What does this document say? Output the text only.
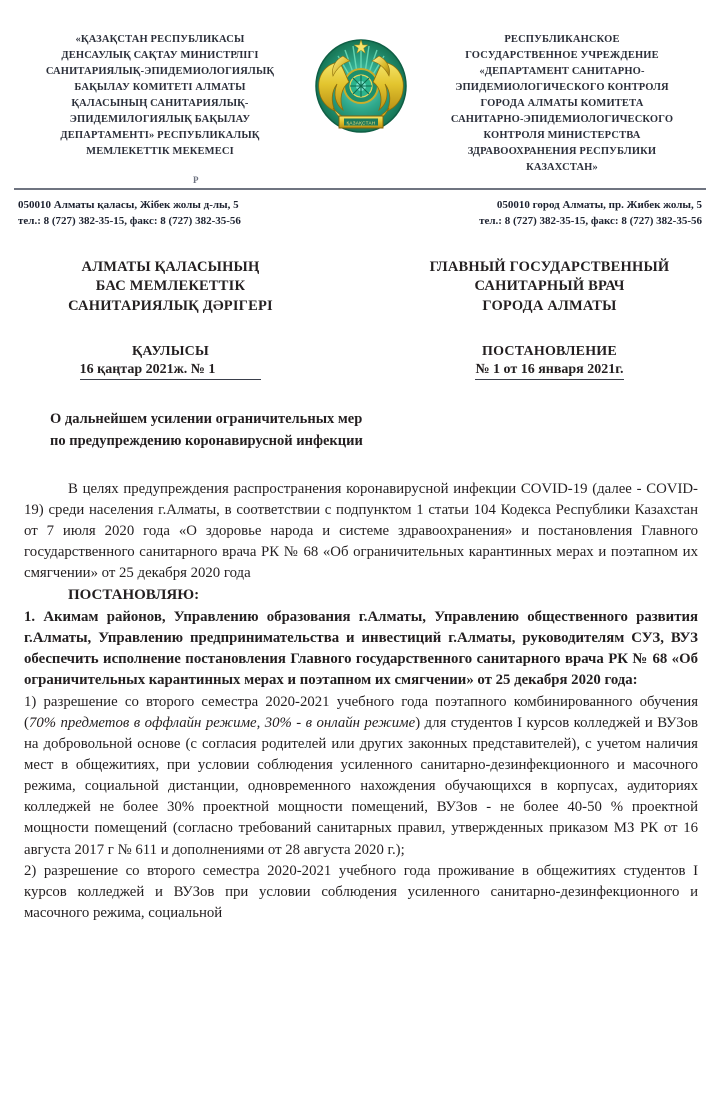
«ҚАЗАҚСТАН РЕСПУБЛИКАСЫ
ДЕНСАУЛЫҚ САҚТАУ МИНИСТРЛІГІ
САНИТАРИЯЛЫҚ-ЭПИДЕМИОЛОГИЯЛЫҚ
БАҚЫЛАУ КОМИТЕТІ АЛМАТЫ
ҚАЛАСЫНЫҢ САНИТАРИЯЛЫҚ-
ЭПИДЕМИЛОГИЯЛЫҚ БАҚЫЛАУ
ДЕПАРТАМЕНТІ» РЕСПУБЛИКАЛЫҚ
МЕМЛЕКЕТТІК МЕКЕМЕСІ
ҚАЗАҚСТАН
РЕСПУБЛИКАНСКОЕ
ГОСУДАРСТВЕННОЕ УЧРЕЖДЕНИЕ
«ДЕПАРТАМЕНТ САНИТАРНО-
ЭПИДЕМИОЛОГИЧЕСКОГО КОНТРОЛЯ
ГОРОДА АЛМАТЫ КОМИТЕТА
САНИТАРНО-ЭПИДЕМИОЛОГИЧЕСКОГО
КОНТРОЛЯ МИНИСТЕРСТВА
ЗДРАВООХРАНЕНИЯ РЕСПУБЛИКИ
КАЗАХСТАН»
Р
050010 Алматы қаласы, Жібек жолы д-лы, 5
тел.: 8 (727) 382-35-15, факс: 8 (727) 382-35-56
050010 город Алматы, пр. Жибек жолы, 5
тел.: 8 (727) 382-35-15, факс: 8 (727) 382-35-56
АЛМАТЫ ҚАЛАСЫНЫҢ
БАС МЕМЛЕКЕТТІК
САНИТАРИЯЛЫҚ ДӘРІГЕРІ
ҚАУЛЫСЫ
16 қаңтар 2021ж. № 1
ГЛАВНЫЙ ГОСУДАРСТВЕННЫЙ
САНИТАРНЫЙ ВРАЧ
ГОРОДА АЛМАТЫ
ПОСТАНОВЛЕНИЕ
№ 1 от 16 января 2021г.
О дальнейшем усилении ограничительных мер по предупреждению коронавирусной инфекции

В целях предупреждения распространения коронавирусной инфекции COVID-19 (далее - COVID-19) среди населения г.Алматы, в соответствии с подпунктом 1 статьи 104 Кодекса Республики Казахстан от 7 июля 2020 года «О здоровье народа и системе здравоохранения» и постановления Главного государственного санитарного врача РК № 68 «Об ограничительных карантинных мерах и поэтапном их смягчении» от 25 декабря 2020 года

ПОСТАНОВЛЯЮ:

1. Акимам районов, Управлению образования г.Алматы, Управлению общественного развития г.Алматы, Управлению предпринимательства и инвестиций г.Алматы, руководителям СУЗ, ВУЗ обеспечить исполнение постановления Главного государственного санитарного врача РК № 68 «Об ограничительных карантинных мерах и поэтапном их смягчении» от 25 декабря 2020 года:

1) разрешение со второго семестра 2020-2021 учебного года поэтапного комбинированного обучения (70% предметов в оффлайн режиме, 30% - в онлайн режиме) для студентов I курсов колледжей и ВУЗов на добровольной основе (с согласия родителей или других законных представителей), с учетом наличия мест в общежитиях, при условии соблюдения усиленного санитарно-дезинфекционного и масочного режима, социальной дистанции, одновременного нахождения обучающихся в корпусах, аудиториях колледжей не более 30% проектной мощности помещений, ВУЗов - не более 40-50 % проектной мощности помещений (согласно требований санитарных правил, утвержденных приказом МЗ РК от 16 августа 2017 г № 611 и дополнениями от 28 августа 2020 г.);

2) разрешение со второго семестра 2020-2021 учебного года проживание в общежитиях студентов I курсов колледжей и ВУЗов при условии соблюдения усиленного санитарно-дезинфекционного и масочного режима, социальной
